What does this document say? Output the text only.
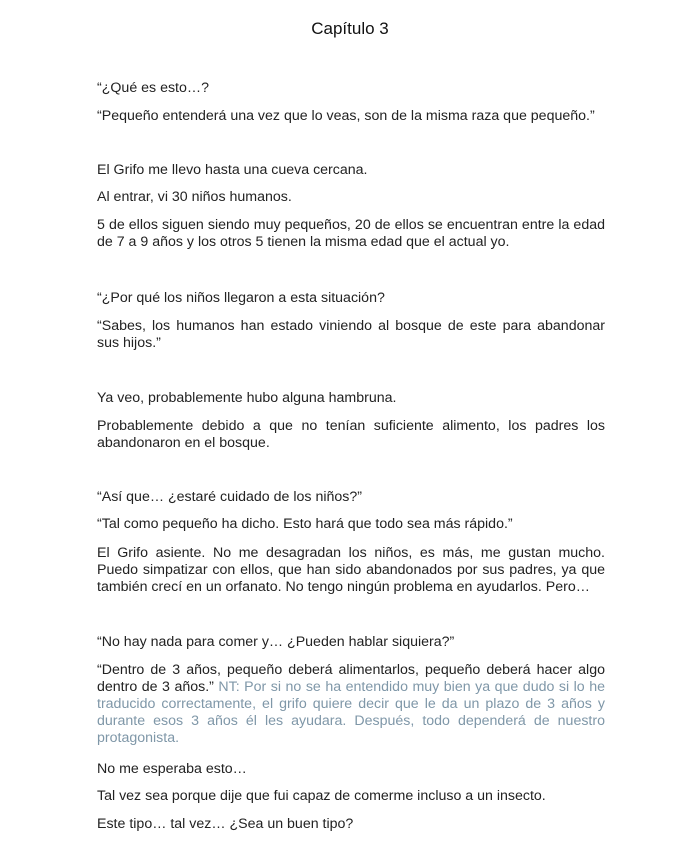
Capítulo 3

“¿Qué es esto…?

“Pequeño entenderá una vez que lo veas, son de la misma raza que pequeño.”

El Grifo me llevo hasta una cueva cercana.

Al entrar, vi 30 niños humanos.

5 de ellos siguen siendo muy pequeños, 20 de ellos se encuentran entre la edad de 7 a 9 años y los otros 5 tienen la misma edad que el actual yo.

“¿Por qué los niños llegaron a esta situación?

“Sabes, los humanos han estado viniendo al bosque de este para abandonar sus hijos.”

Ya veo, probablemente hubo alguna hambruna.

Probablemente debido a que no tenían suficiente alimento, los padres los abandonaron en el bosque.

“Así que… ¿estaré cuidado de los niños?”

“Tal como pequeño ha dicho. Esto hará que todo sea más rápido.”

El Grifo asiente. No me desagradan los niños, es más, me gustan mucho. Puedo simpatizar con ellos, que han sido abandonados por sus padres, ya que también crecí en un orfanato. No tengo ningún problema en ayudarlos. Pero…

“No hay nada para comer y… ¿Pueden hablar siquiera?”

“Dentro de 3 años, pequeño deberá alimentarlos, pequeño deberá hacer algo dentro de 3 años.” NT: Por si no se ha entendido muy bien ya que dudo si lo he traducido correctamente, el grifo quiere decir que le da un plazo de 3 años y durante esos 3 años él les ayudara. Después, todo dependerá de nuestro protagonista.

No me esperaba esto…

Tal vez sea porque dije que fui capaz de comerme incluso a un insecto.

Este tipo… tal vez… ¿Sea un buen tipo?
